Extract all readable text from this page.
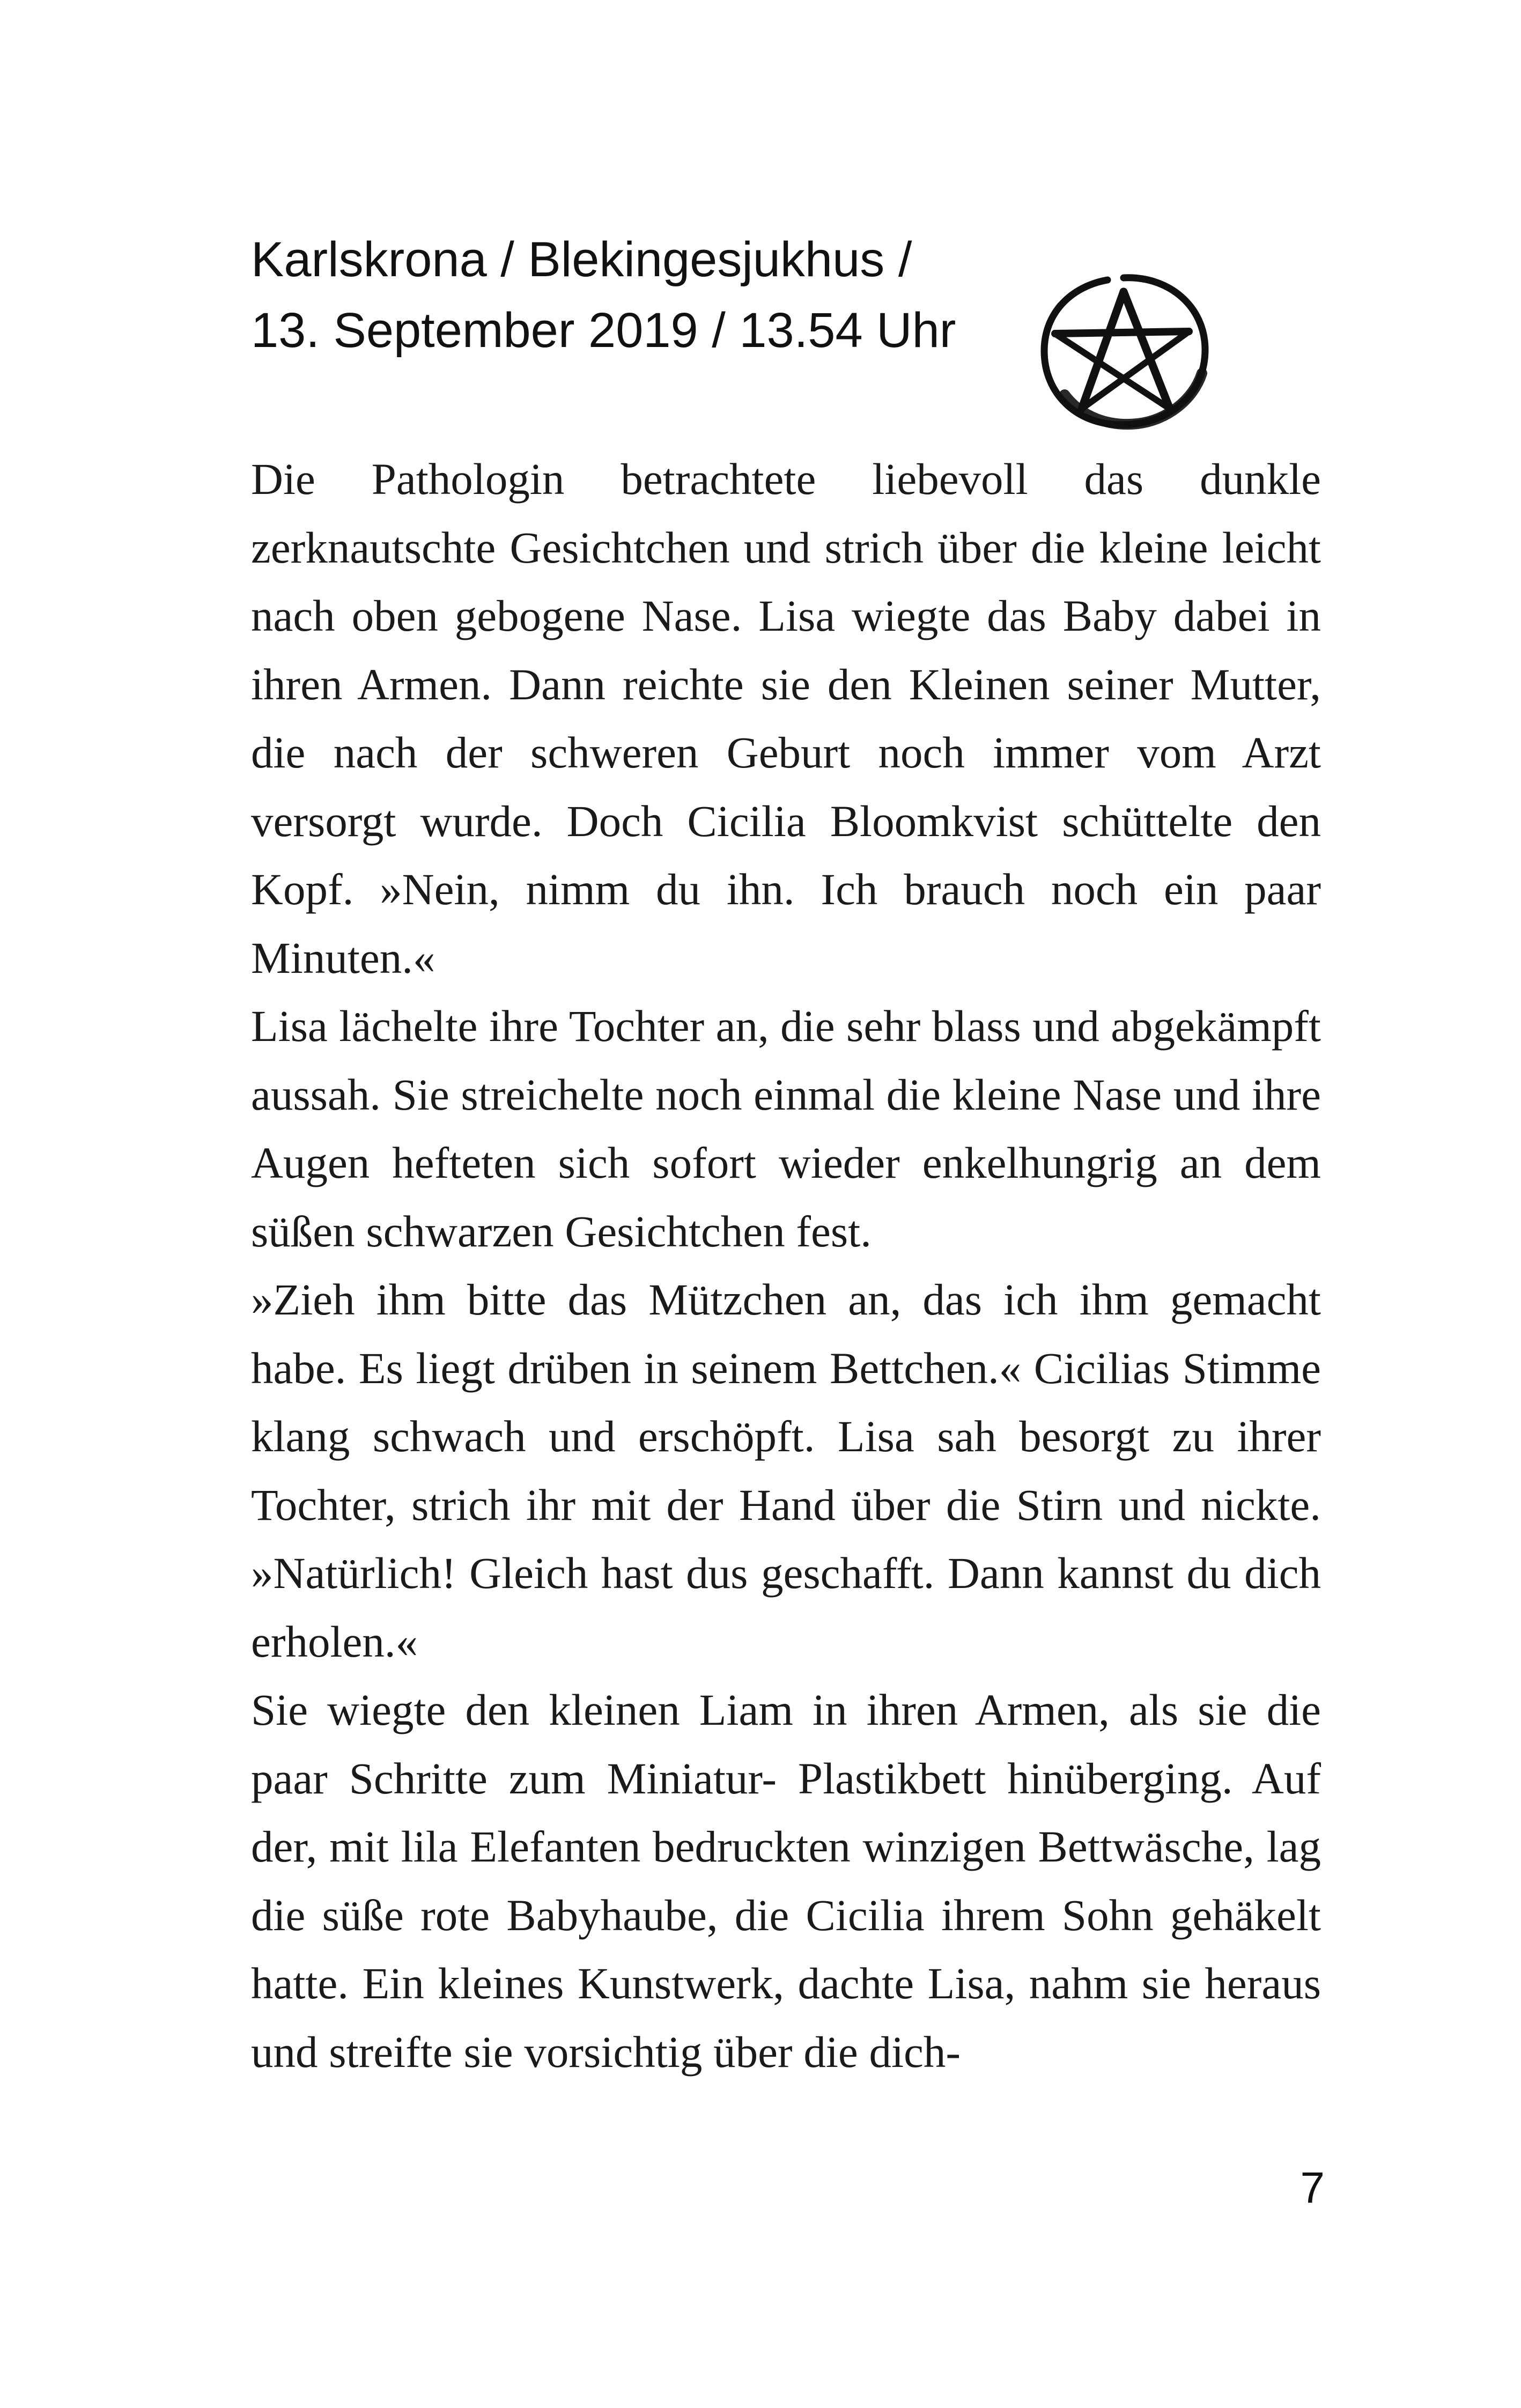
Karlskrona / Blekingesjukhus /
13. September 2019 / 13.54 Uhr

Die Pathologin betrachtete liebevoll das dunkle zerknautschte Gesichtchen und strich über die kleine leicht nach oben gebogene Nase. Lisa wiegte das Baby dabei in ihren Armen. Dann reichte sie den Kleinen seiner Mutter, die nach der schweren Geburt noch immer vom Arzt versorgt wurde. Doch Cicilia Bloomkvist schüttelte den Kopf. »Nein, nimm du ihn. Ich brauch noch ein paar Minuten.«

Lisa lächelte ihre Tochter an, die sehr blass und abgekämpft aussah. Sie streichelte noch einmal die kleine Nase und ihre Augen hefteten sich sofort wieder enkelhungrig an dem süßen schwarzen Gesichtchen fest.

»Zieh ihm bitte das Mützchen an, das ich ihm gemacht habe. Es liegt drüben in seinem Bettchen.« Cicilias Stimme klang schwach und erschöpft. Lisa sah besorgt zu ihrer Tochter, strich ihr mit der Hand über die Stirn und nickte. »Natürlich! Gleich hast dus geschafft. Dann kannst du dich erholen.«

Sie wiegte den kleinen Liam in ihren Armen, als sie die paar Schritte zum Miniatur- Plastikbett hinüberging. Auf der, mit lila Elefanten bedruckten winzigen Bettwäsche, lag die süße rote Babyhaube, die Cicilia ihrem Sohn gehäkelt hatte. Ein kleines Kunstwerk, dachte Lisa, nahm sie heraus und streifte sie vorsichtig über die dich-

7
